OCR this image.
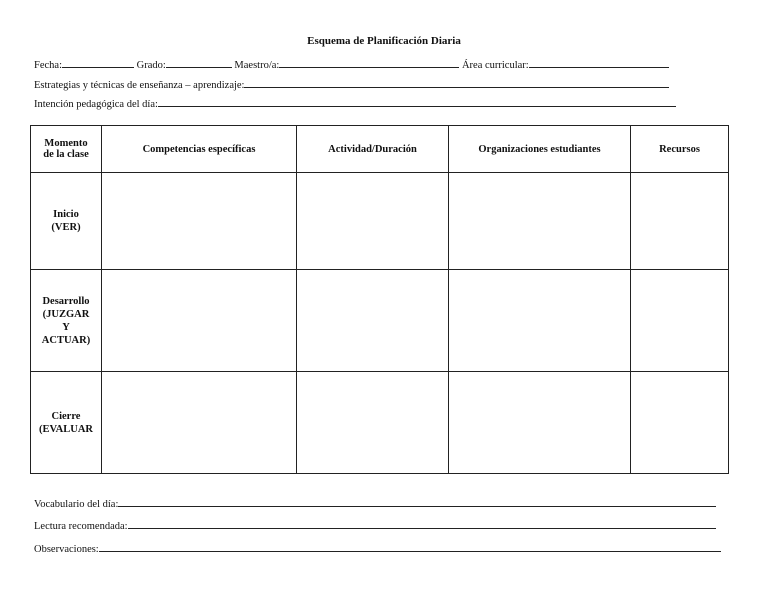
Esquema de Planificación Diaria
Fecha:	Grado:	Maestro/a:	Área curricular:
Estrategias y técnicas de enseñanza – aprendizaje:
Intención pedagógica del día:
Momento
de la clase	Competencias específicas	Actividad/Duración	Organizaciones estudiantes	Recursos

Inicio
(VER)				

Desarrollo
(JUZGAR
Y
ACTUAR)				

Cierre
(EVALUAR				

Vocabulario del día:
Lectura recomendada:
Observaciones:
